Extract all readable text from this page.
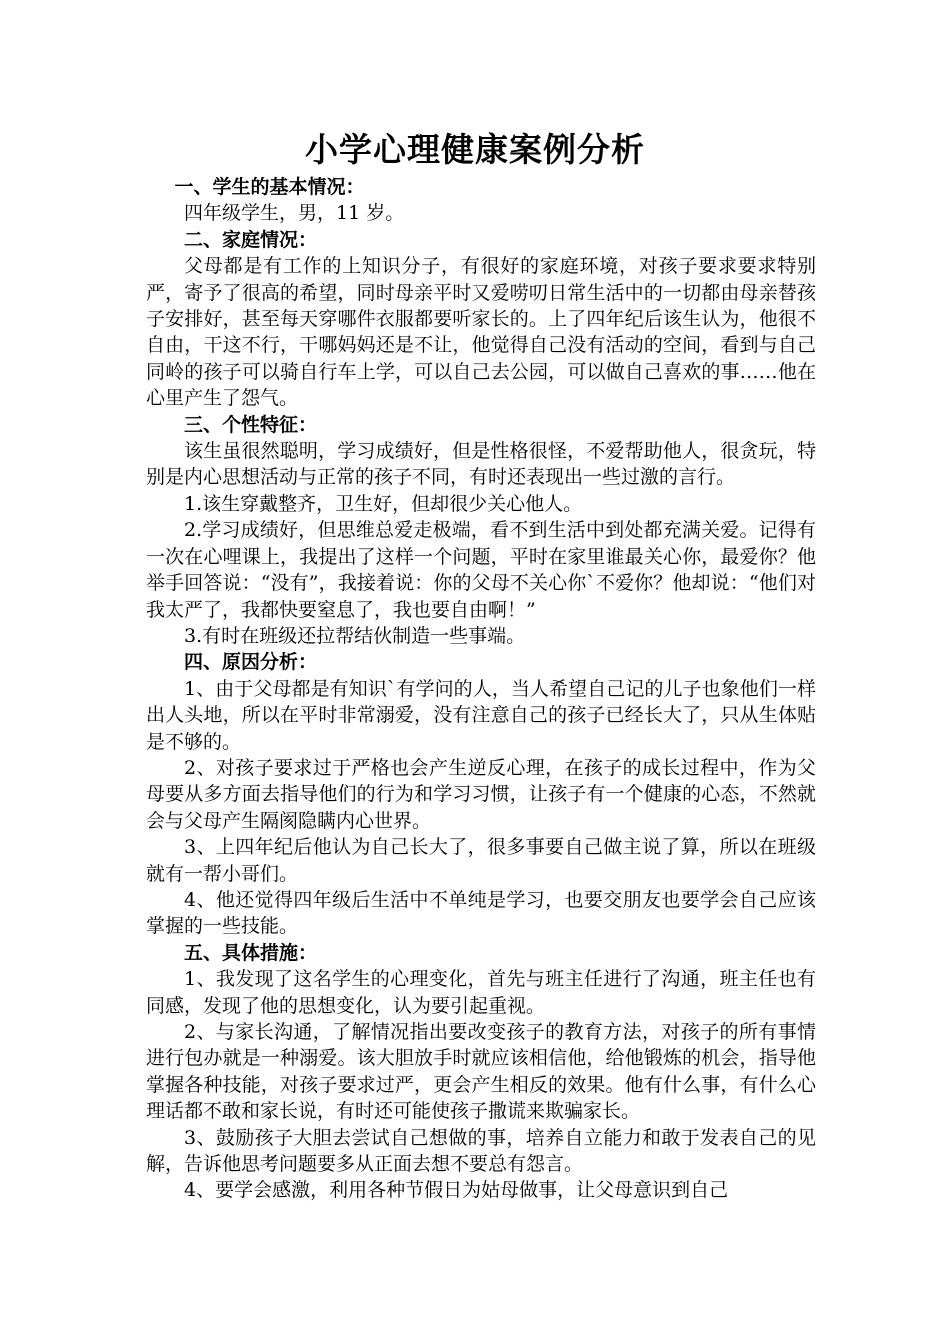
小学心理健康案例分析

一、学生的基本情况：

四年级学生，男，11 岁。

二、家庭情况：

父母都是有工作的上知识分子，有很好的家庭环境，对孩子要求要求特别严，寄予了很高的希望，同时母亲平时又爱唠叨日常生活中的一切都由母亲替孩子安排好，甚至每天穿哪件衣服都要听家长的。上了四年纪后该生认为，他很不自由，干这不行，干哪妈妈还是不让，他觉得自己没有活动的空间，看到与自己同岭的孩子可以骑自行车上学，可以自己去公园，可以做自己喜欢的事……他在心里产生了怨气。

三、个性特征：

该生虽很然聪明，学习成绩好，但是性格很怪，不爱帮助他人，很贪玩，特别是内心思想活动与正常的孩子不同，有时还表现出一些过激的言行。

1.该生穿戴整齐，卫生好，但却很少关心他人。

2.学习成绩好，但思维总爱走极端，看不到生活中到处都充满关爱。记得有一次在心哩课上，我提出了这样一个问题，平时在家里谁最关心你，最爱你？他举手回答说：“没有”，我接着说：你的父母不关心你`不爱你？他却说：“他们对我太严了，我都快要窒息了，我也要自由啊！”

3.有时在班级还拉帮结伙制造一些事端。

四、原因分析：

1、由于父母都是有知识`有学问的人，当人希望自己记的儿子也象他们一样出人头地，所以在平时非常溺爱，没有注意自己的孩子已经长大了，只从生体贴是不够的。

2、对孩子要求过于严格也会产生逆反心理，在孩子的成长过程中，作为父母要从多方面去指导他们的行为和学习习惯，让孩子有一个健康的心态，不然就会与父母产生隔阂隐瞒内心世界。

3、上四年纪后他认为自己长大了，很多事要自己做主说了算，所以在班级就有一帮小哥们。

4、他还觉得四年级后生活中不单纯是学习，也要交朋友也要学会自己应该掌握的一些技能。

五、具体措施：

1、我发现了这名学生的心理变化，首先与班主任进行了沟通，班主任也有同感，发现了他的思想变化，认为要引起重视。

2、与家长沟通，了解情况指出要改变孩子的教育方法，对孩子的所有事情进行包办就是一种溺爱。该大胆放手时就应该相信他，给他锻炼的机会，指导他掌握各种技能，对孩子要求过严，更会产生相反的效果。他有什么事，有什么心理话都不敢和家长说，有时还可能使孩子撒谎来欺骗家长。

3、鼓励孩子大胆去尝试自己想做的事，培养自立能力和敢于发表自己的见解，告诉他思考问题要多从正面去想不要总有怨言。

4、要学会感激，利用各种节假日为姑母做事，让父母意识到自己
